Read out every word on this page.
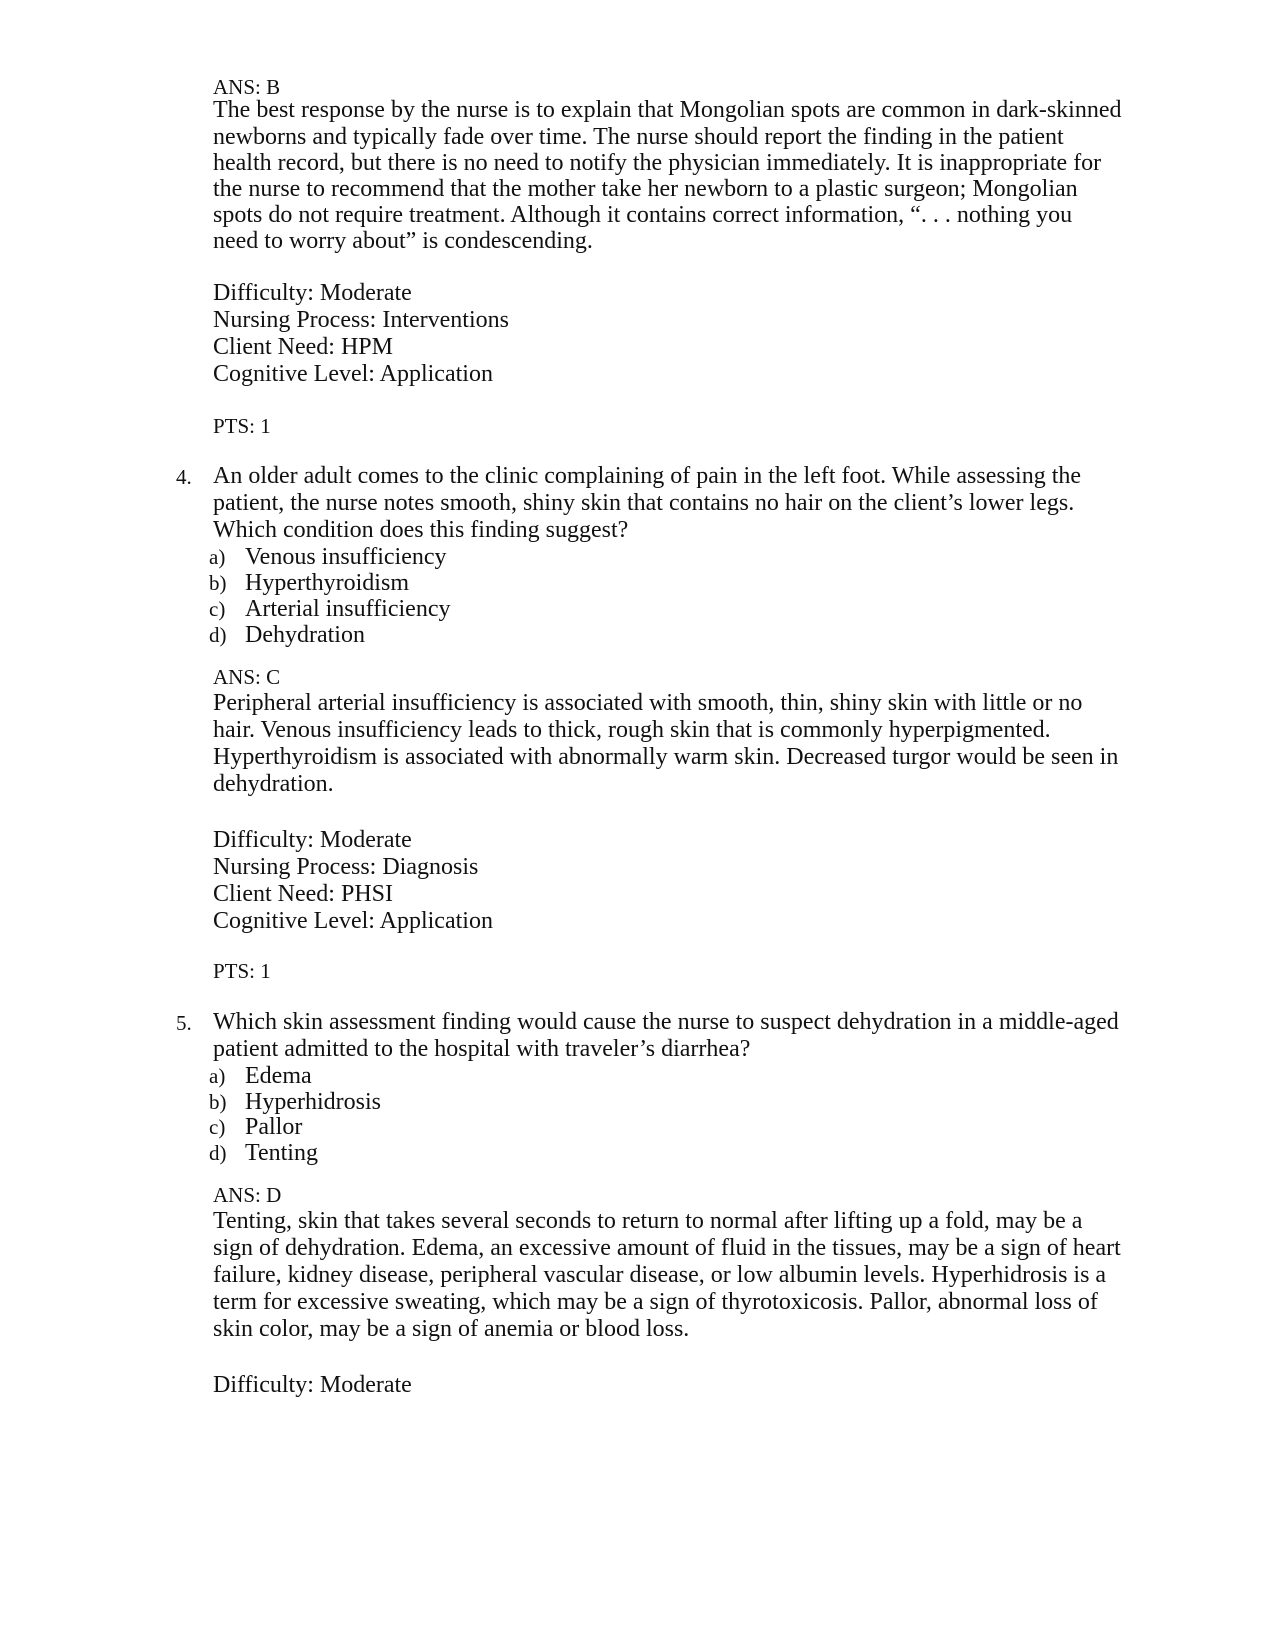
ANS: B
The best response by the nurse is to explain that Mongolian spots are common in dark-skinned
newborns and typically fade over time. The nurse should report the finding in the patient
health record, but there is no need to notify the physician immediately. It is inappropriate for
the nurse to recommend that the mother take her newborn to a plastic surgeon; Mongolian
spots do not require treatment. Although it contains correct information, “. . . nothing you
need to worry about” is condescending.
Difficulty: Moderate
Nursing Process: Interventions
Client Need: HPM
Cognitive Level: Application
PTS: 1
4. An older adult comes to the clinic complaining of pain in the left foot. While assessing the
patient, the nurse notes smooth, shiny skin that contains no hair on the client’s lower legs.
Which condition does this finding suggest?
a) Venous insufficiency
b) Hyperthyroidism
c) Arterial insufficiency
d) Dehydration
ANS: C
Peripheral arterial insufficiency is associated with smooth, thin, shiny skin with little or no
hair. Venous insufficiency leads to thick, rough skin that is commonly hyperpigmented.
Hyperthyroidism is associated with abnormally warm skin. Decreased turgor would be seen in
dehydration.
Difficulty: Moderate
Nursing Process: Diagnosis
Client Need: PHSI
Cognitive Level: Application
PTS: 1
5. Which skin assessment finding would cause the nurse to suspect dehydration in a middle-aged
patient admitted to the hospital with traveler’s diarrhea?
a) Edema
b) Hyperhidrosis
c) Pallor
d) Tenting
ANS: D
Tenting, skin that takes several seconds to return to normal after lifting up a fold, may be a
sign of dehydration. Edema, an excessive amount of fluid in the tissues, may be a sign of heart
failure, kidney disease, peripheral vascular disease, or low albumin levels. Hyperhidrosis is a
term for excessive sweating, which may be a sign of thyrotoxicosis. Pallor, abnormal loss of
skin color, may be a sign of anemia or blood loss.
Difficulty: Moderate
